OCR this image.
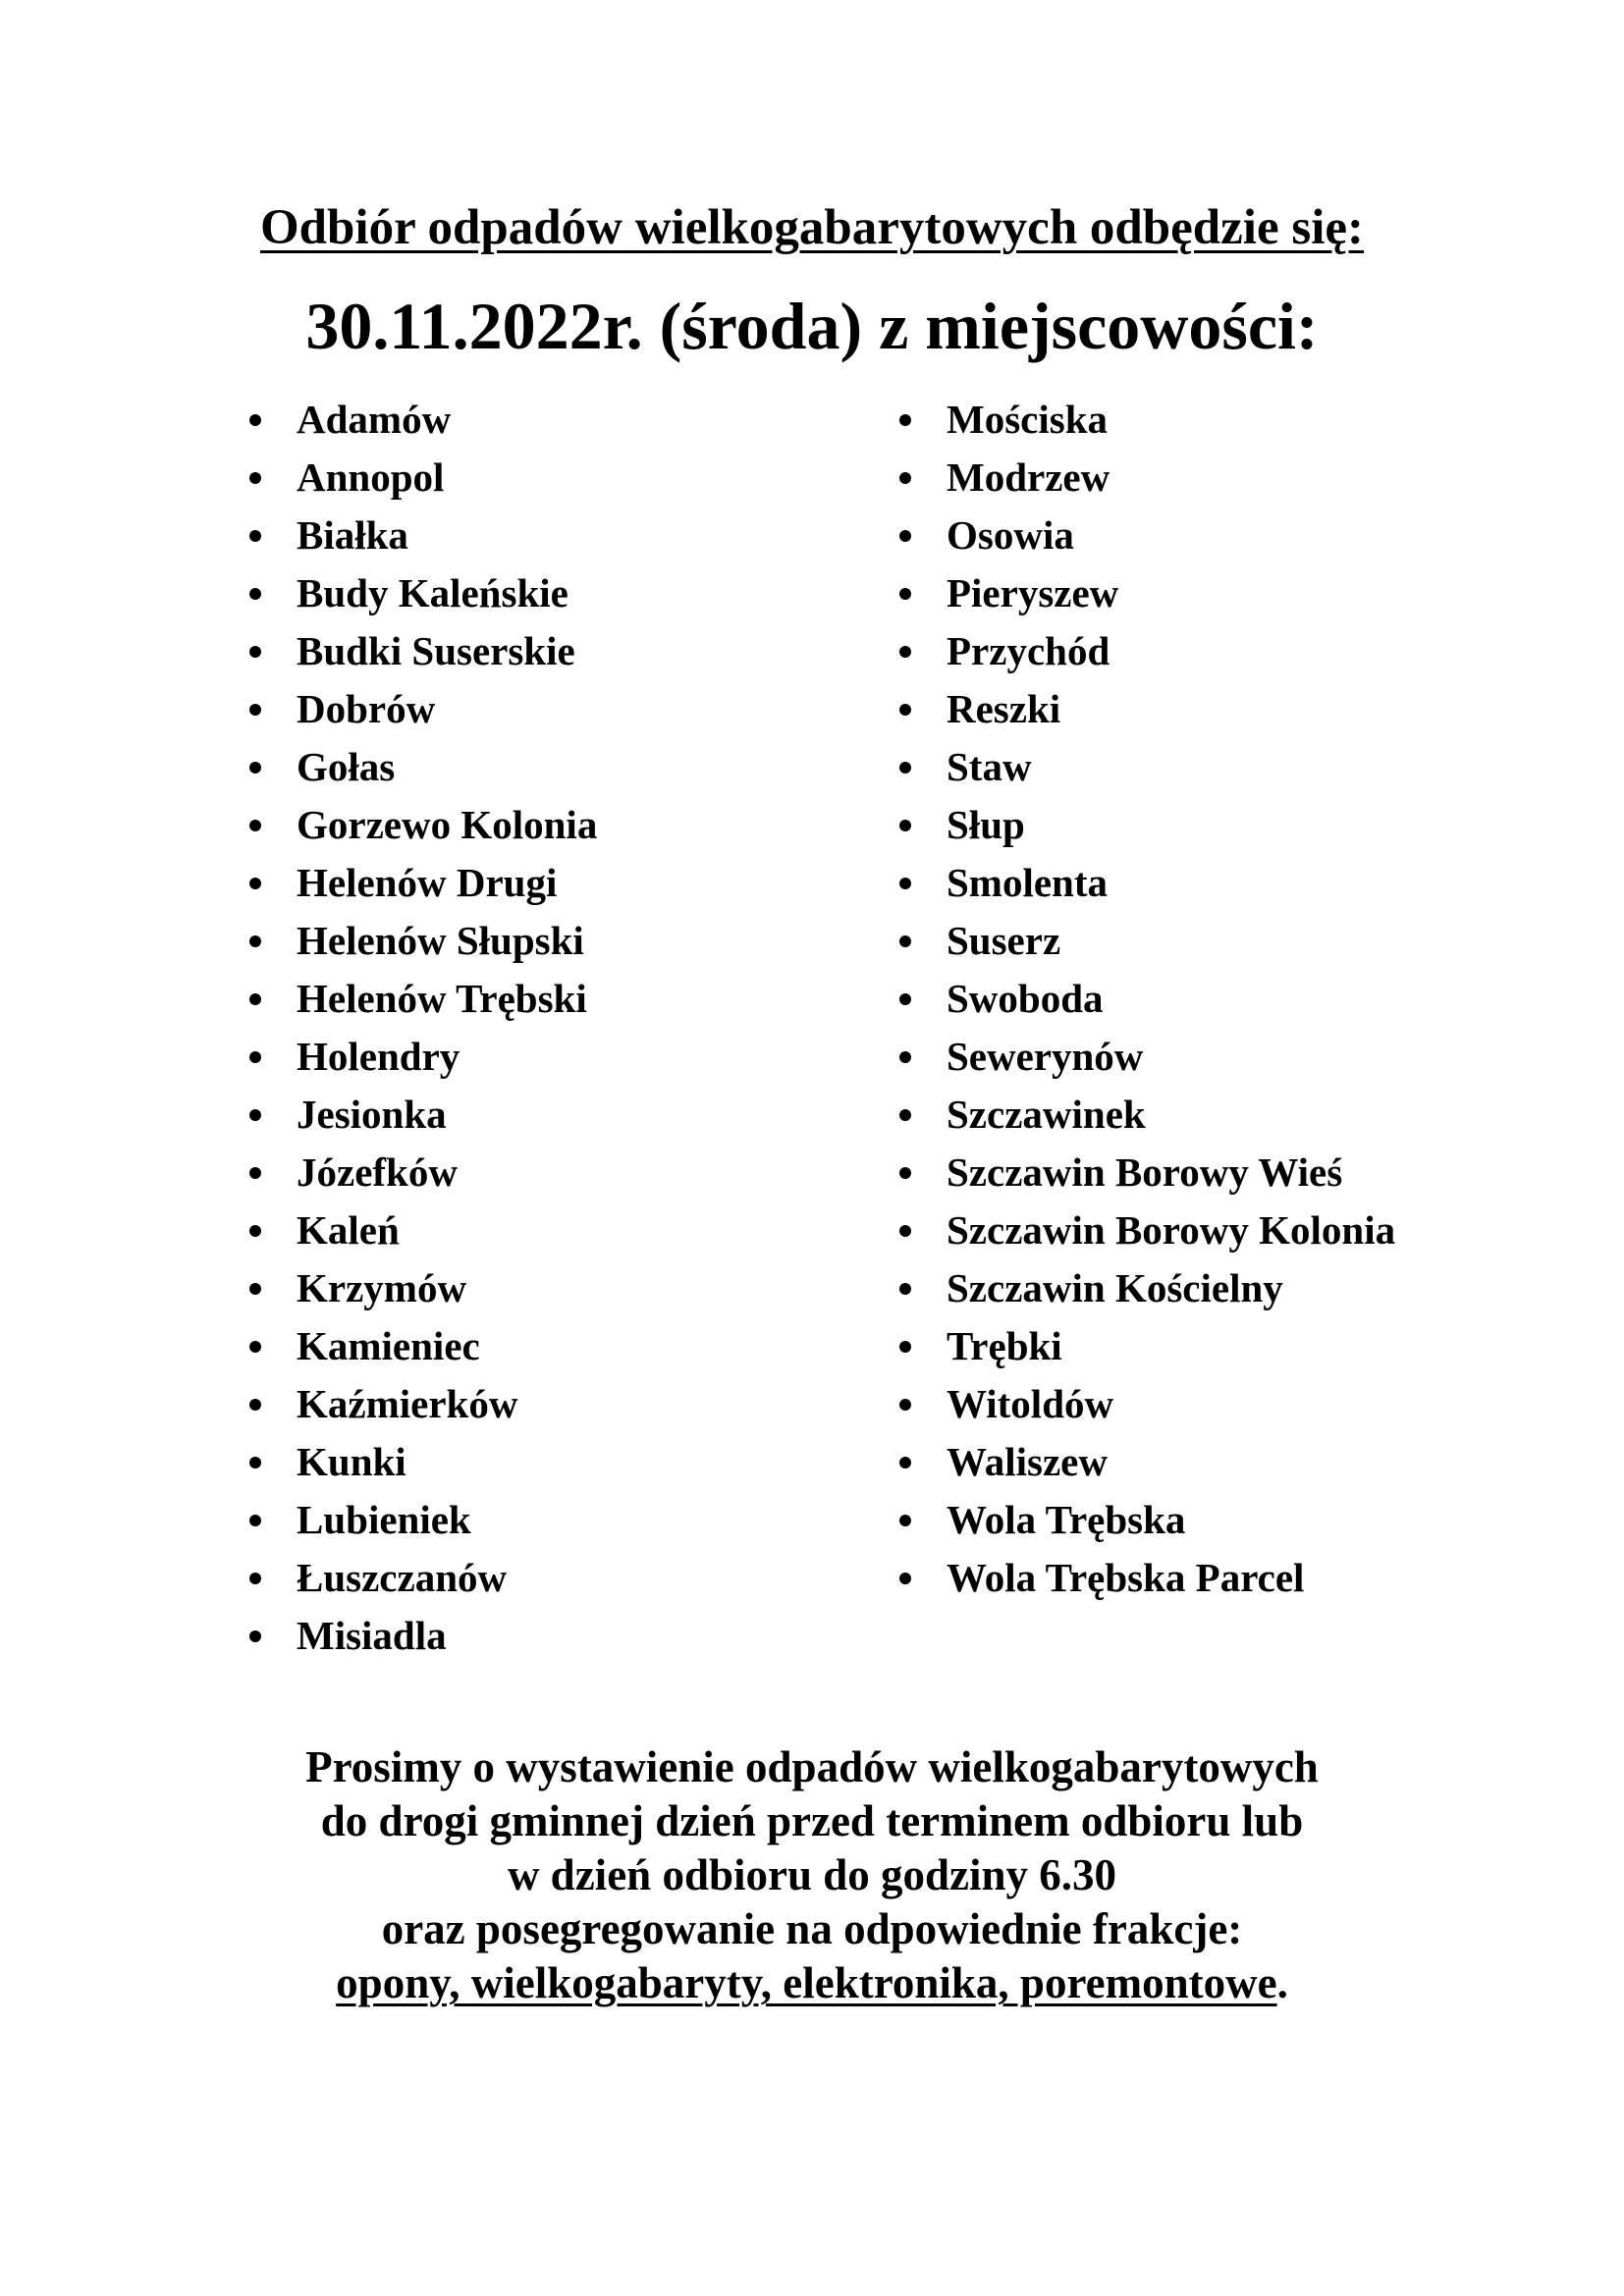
Odbiór odpadów wielkogabarytowych odbędzie się:
30.11.2022r. (środa) z miejscowości:
Adamów
Annopol
Białka
Budy Kaleńskie
Budki Suserskie
Dobrów
Gołas
Gorzewo Kolonia
Helenów Drugi
Helenów Słupski
Helenów Trębski
Holendry
Jesionka
Józefków
Kaleń
Krzymów
Kamieniec
Kaźmierków
Kunki
Lubieniek
Łuszczanów
Misiadla
Mościska
Modrzew
Osowia
Pieryszew
Przychód
Reszki
Staw
Słup
Smolenta
Suserz
Swoboda
Sewerynów
Szczawinek
Szczawin Borowy Wieś
Szczawin Borowy Kolonia
Szczawin Kościelny
Trębki
Witoldów
Waliszew
Wola Trębska
Wola Trębska Parcel

Prosimy o wystawienie odpadów wielkogabarytowych
do drogi gminnej dzień przed terminem odbioru lub
w dzień odbioru do godziny 6.30
oraz posegregowanie na odpowiednie frakcje:
opony, wielkogabaryty, elektronika, poremontowe.
